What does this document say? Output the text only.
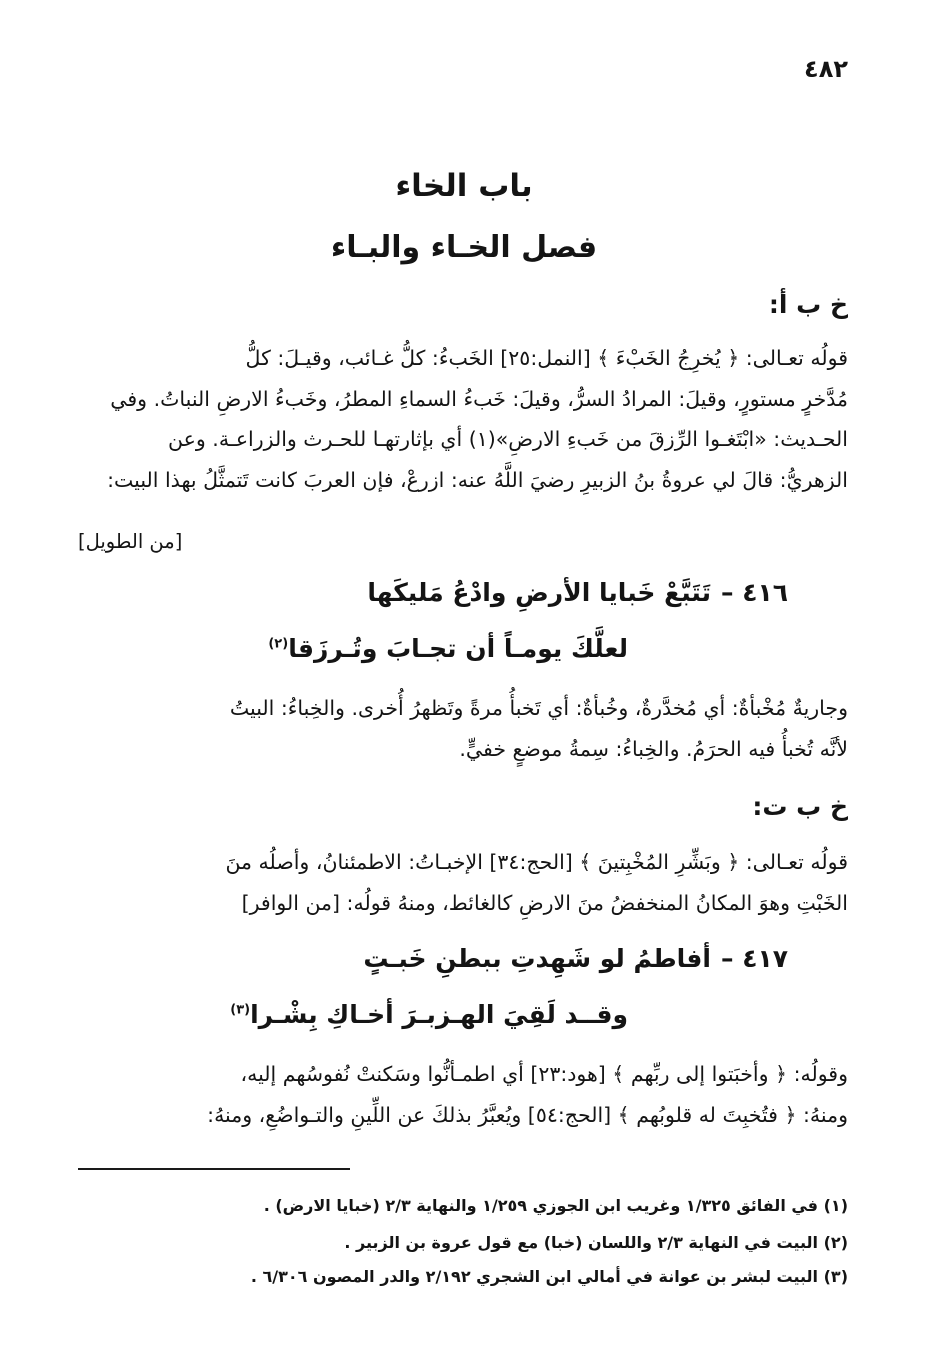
٤٨٢
باب الخاء
فصل الخـاء والبـاء
خ ب أ:
قولُه تعـالى: ﴿ يُخرِجُ الخَبْءَ ﴾ [النمل:٢٥] الخَبءُ: كلُّ غـائب، وقيـلَ: كلُّ
مُدَّخرٍ مستورٍ، وقيلَ: المرادُ السرُّ، وقيلَ: خَبءُ السماءِ المطرُ، وخَبءُ الارضِ النباتُ. وفي
الحـديث: «ابْتَغـوا الرِّزقَ من خَبءِ الارضِ»(١) أي بإثارتهـا للحـرث والزراعـة. وعن
الزهريُّ: قالَ لي عروةُ بنُ الزبيرِ رضيَ اللَّهُ عنه: ازرعْ، فإن العربَ كانت تَتمثَّلُ بهذا البيت:
[من الطويل]
٤١٦ –تَتَبَّعْ خَبايا الأرضِ وادْعُ مَليكَها
لعلَّكَ يومـاً أن تجـابَ وتُـرزَقا$^{(٢)}$
وجاريةٌ مُخْبأةٌ: أي مُخدَّرةٌ، وخُبأةٌ: أي تَخبأُ مرةً وتَظهرُ أُخرى. والخِباءُ: البيتُ
لأنَّه تُخبأُ فيه الحرَمُ. والخِباءُ: سِمةُ موضعٍ خفيٍّ.
خ ب ت:
قولُه تعـالى: ﴿ وبَشِّرِ المُخْبِتينَ ﴾ [الحج:٣٤] الإخبـاتُ: الاطمئنانُ، وأصلُه منَ
الخَبْتِ وهوَ المكانُ المنخفضُ منَ الارضِ كالغائط، ومنهُ قولُه: [من الوافر]
٤١٧ –أفاطمُ لو شَهِدتِ ببطنِ خَبـتٍ
وقــد لَقِيَ الهـزبـرَ أخـاكِ بِشْـرا$^{(٣)}$
وقولُه: ﴿ وأخبَتوا إلى ربِّهم ﴾ [هود:٢٣] أي اطمـأنُّوا وسَكنتْ نُفوسُهم إليه،
ومنهُ: ﴿ فتُخبِتَ له قلوبُهم ﴾ [الحج:٥٤] ويُعبَّرُ بذلكَ عن اللِّينِ والتـواضُعِ، ومنهُ:
(١) في الفائق ١/٣٢٥ وغريب ابن الجوزي ١/٢٥٩ والنهاية ٢/٣ (خبايا الارض) .
(٢) البيت في النهاية ٢/٣ واللسان (خبا) مع قول عروة بن الزبير .
(٣) البيت لبشر بن عوانة في أمالي ابن الشجري ٢/١٩٢ والدر المصون ٦/٣٠٦ .
